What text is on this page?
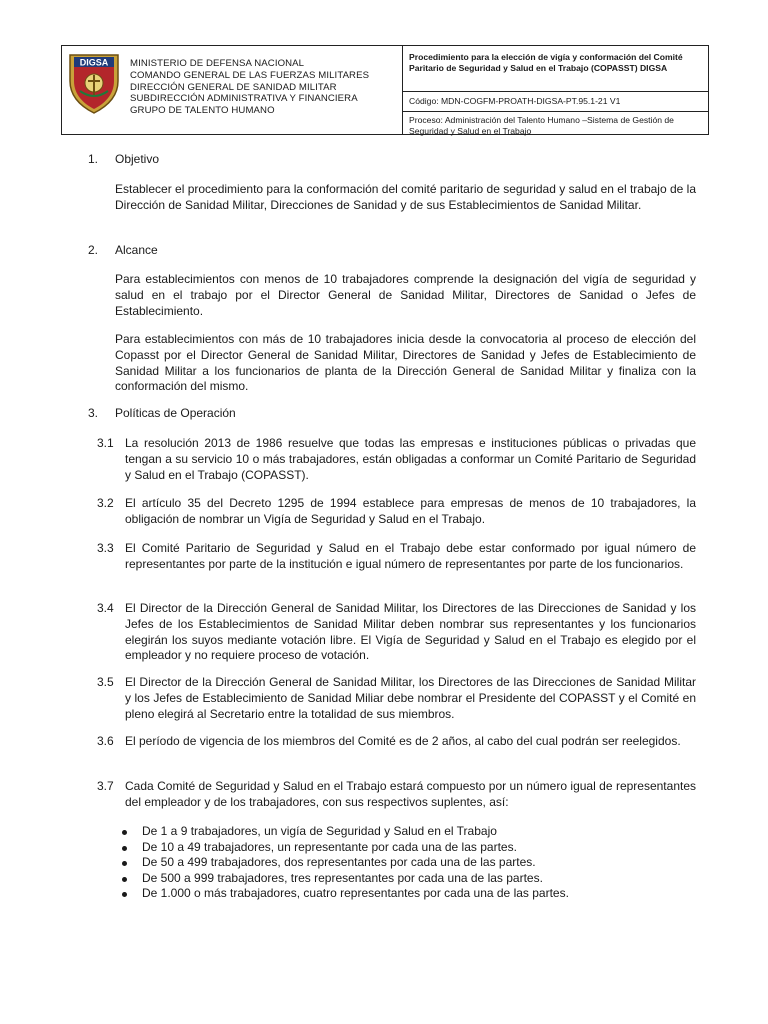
DIGSA MINISTERIO DE DEFENSA NACIONAL
COMANDO GENERAL DE LAS FUERZAS MILITARES
DIRECCIÓN GENERAL DE SANIDAD MILITAR
SUBDIRECCIÓN ADMINISTRATIVA Y FINANCIERA
GRUPO DE TALENTO HUMANO
Procedimiento para la elección de vigía y conformación del Comité Paritario de Seguridad y Salud en el Trabajo (COPASST) DIGSA
Código: MDN-COGFM-PROATH-DIGSA-PT.95.1-21 V1
Proceso: Administración del Talento Humano –Sistema de Gestión de Seguridad y Salud en el Trabajo
1.	Objetivo
Establecer el procedimiento para la conformación del comité paritario de seguridad y salud en el trabajo de la Dirección de Sanidad Militar, Direcciones de Sanidad y de sus Establecimientos de Sanidad Militar.
2.	Alcance
Para establecimientos con menos de 10 trabajadores comprende la designación del vigía de seguridad y salud en el trabajo por el Director General de Sanidad Militar, Directores de Sanidad o Jefes de Establecimiento.
Para establecimientos con más de 10 trabajadores inicia desde la convocatoria al proceso de elección del Copasst por el Director General de Sanidad Militar, Directores de Sanidad y Jefes de Establecimiento de Sanidad Militar a los funcionarios de planta de la Dirección General de Sanidad Militar y finaliza con la conformación del mismo.
3.	Políticas de Operación
3.1 La resolución 2013 de 1986 resuelve que todas las empresas e instituciones públicas o privadas que tengan a su servicio 10 o más trabajadores, están obligadas a conformar un Comité Paritario de Seguridad y Salud en el Trabajo (COPASST).
3.2 El artículo 35 del Decreto 1295 de 1994 establece para empresas de menos de 10 trabajadores, la obligación de nombrar un Vigía de Seguridad y Salud en el Trabajo.
3.3 El Comité Paritario de Seguridad y Salud en el Trabajo debe estar conformado por igual número de representantes por parte de la institución e igual número de representantes por parte de los funcionarios.
3.4 El Director de la Dirección General de Sanidad Militar, los Directores de las Direcciones de Sanidad y los Jefes de los Establecimientos de Sanidad Militar deben nombrar sus representantes y los funcionarios elegirán los suyos mediante votación libre. El Vigía de Seguridad y Salud en el Trabajo es elegido por el empleador y no requiere proceso de votación.
3.5 El Director de la Dirección General de Sanidad Militar, los Directores de las Direcciones de Sanidad Militar y los Jefes de Establecimiento de Sanidad Miliar debe nombrar el Presidente del COPASST y el Comité en pleno elegirá al Secretario entre la totalidad de sus miembros.
3.6 El período de vigencia de los miembros del Comité es de 2 años, al cabo del cual podrán ser reelegidos.
3.7 Cada Comité de Seguridad y Salud en el Trabajo estará compuesto por un número igual de representantes del empleador y de los trabajadores, con sus respectivos suplentes, así:
De 1 a 9 trabajadores, un vigía de Seguridad y Salud en el Trabajo
De 10 a 49 trabajadores, un representante por cada una de las partes.
De 50 a 499 trabajadores, dos representantes por cada una de las partes.
De 500 a 999 trabajadores, tres representantes por cada una de las partes.
De 1.000 o más trabajadores, cuatro representantes por cada una de las partes.
